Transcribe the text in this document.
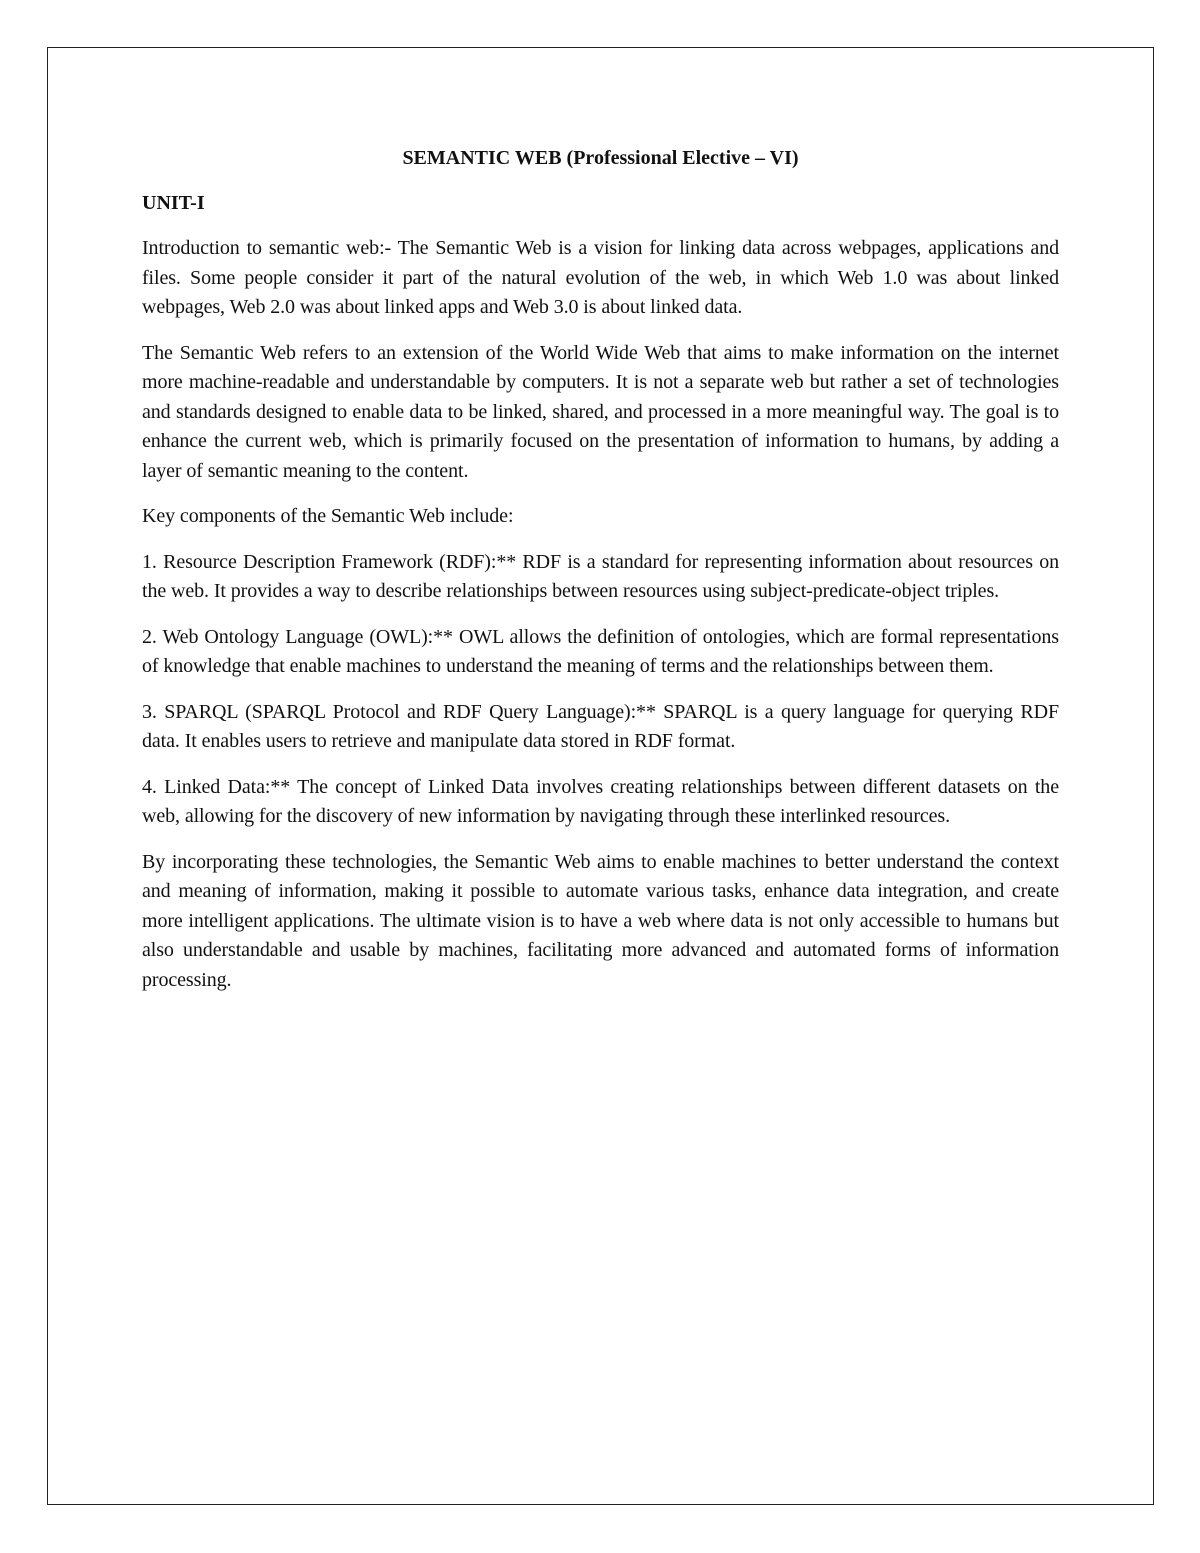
SEMANTIC WEB (Professional Elective – VI)
UNIT-I

Introduction to semantic web:- The Semantic Web is a vision for linking data across webpages, applications and files. Some people consider it part of the natural evolution of the web, in which Web 1.0 was about linked webpages, Web 2.0 was about linked apps and Web 3.0 is about linked data.

The Semantic Web refers to an extension of the World Wide Web that aims to make information on the internet more machine-readable and understandable by computers. It is not a separate web but rather a set of technologies and standards designed to enable data to be linked, shared, and processed in a more meaningful way. The goal is to enhance the current web, which is primarily focused on the presentation of information to humans, by adding a layer of semantic meaning to the content.

Key components of the Semantic Web include:

1. Resource Description Framework (RDF):** RDF is a standard for representing information about resources on the web. It provides a way to describe relationships between resources using subject-predicate-object triples.

2. Web Ontology Language (OWL):** OWL allows the definition of ontologies, which are formal representations of knowledge that enable machines to understand the meaning of terms and the relationships between them.

3. SPARQL (SPARQL Protocol and RDF Query Language):** SPARQL is a query language for querying RDF data. It enables users to retrieve and manipulate data stored in RDF format.

4. Linked Data:** The concept of Linked Data involves creating relationships between different datasets on the web, allowing for the discovery of new information by navigating through these interlinked resources.

By incorporating these technologies, the Semantic Web aims to enable machines to better understand the context and meaning of information, making it possible to automate various tasks, enhance data integration, and create more intelligent applications. The ultimate vision is to have a web where data is not only accessible to humans but also understandable and usable by machines, facilitating more advanced and automated forms of information processing.
